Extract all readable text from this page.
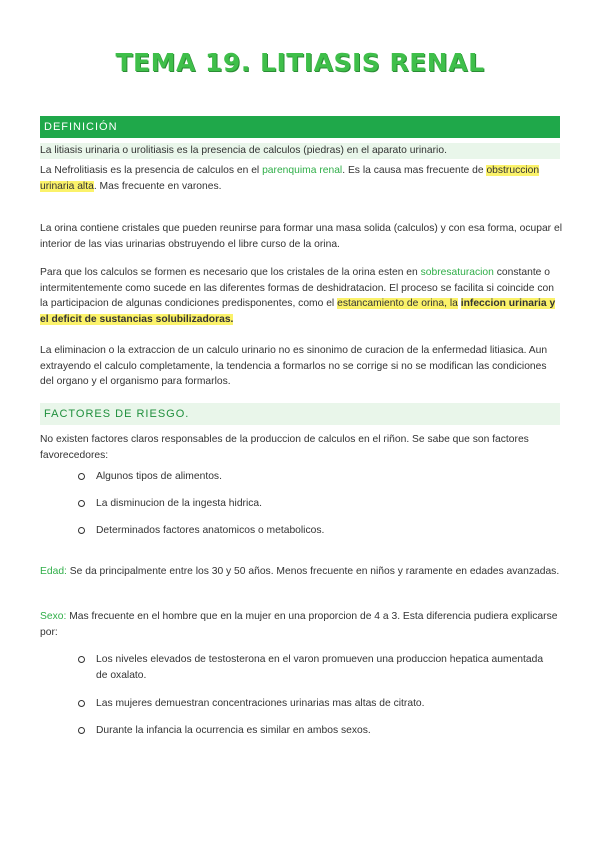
TEMA 19. LITIASIS RENAL
DEFINICIÓN
La litiasis urinaria o urolitiasis es la presencia de calculos (piedras) en el aparato urinario.
La Nefrolitiasis es la presencia de calculos en el parenquima renal. Es la causa mas frecuente de obstruccion urinaria alta. Mas frecuente en varones.
La orina contiene cristales que pueden reunirse para formar una masa solida (calculos) y con esa forma, ocupar el interior de las vias urinarias obstruyendo el libre curso de la orina.
Para que los calculos se formen es necesario que los cristales de la orina esten en sobresaturacion constante o intermitentemente como sucede en las diferentes formas de deshidratacion. El proceso se facilita si coincide con la participacion de algunas condiciones predisponentes, como el estancamiento de orina, la infeccion urinaria y el deficit de sustancias solubilizadoras.
La eliminacion o la extraccion de un calculo urinario no es sinonimo de curacion de la enfermedad litiasica. Aun extrayendo el calculo completamente, la tendencia a formarlos no se corrige si no se modifican las condiciones del organo y el organismo para formarlos.
FACTORES DE RIESGO.
No existen factores claros responsables de la produccion de calculos en el riñon. Se sabe que son factores favorecedores:
Algunos tipos de alimentos.
La disminucion de la ingesta hidrica.
Determinados factores anatomicos o metabolicos.
Edad: Se da principalmente entre los 30 y 50 años. Menos frecuente en niños y raramente en edades avanzadas.
Sexo: Mas frecuente en el hombre que en la mujer en una proporcion de 4 a 3. Esta diferencia pudiera explicarse por:
Los niveles elevados de testosterona en el varon promueven una produccion hepatica aumentada de oxalato.
Las mujeres demuestran concentraciones urinarias mas altas de citrato.
Durante la infancia la ocurrencia es similar en ambos sexos.
